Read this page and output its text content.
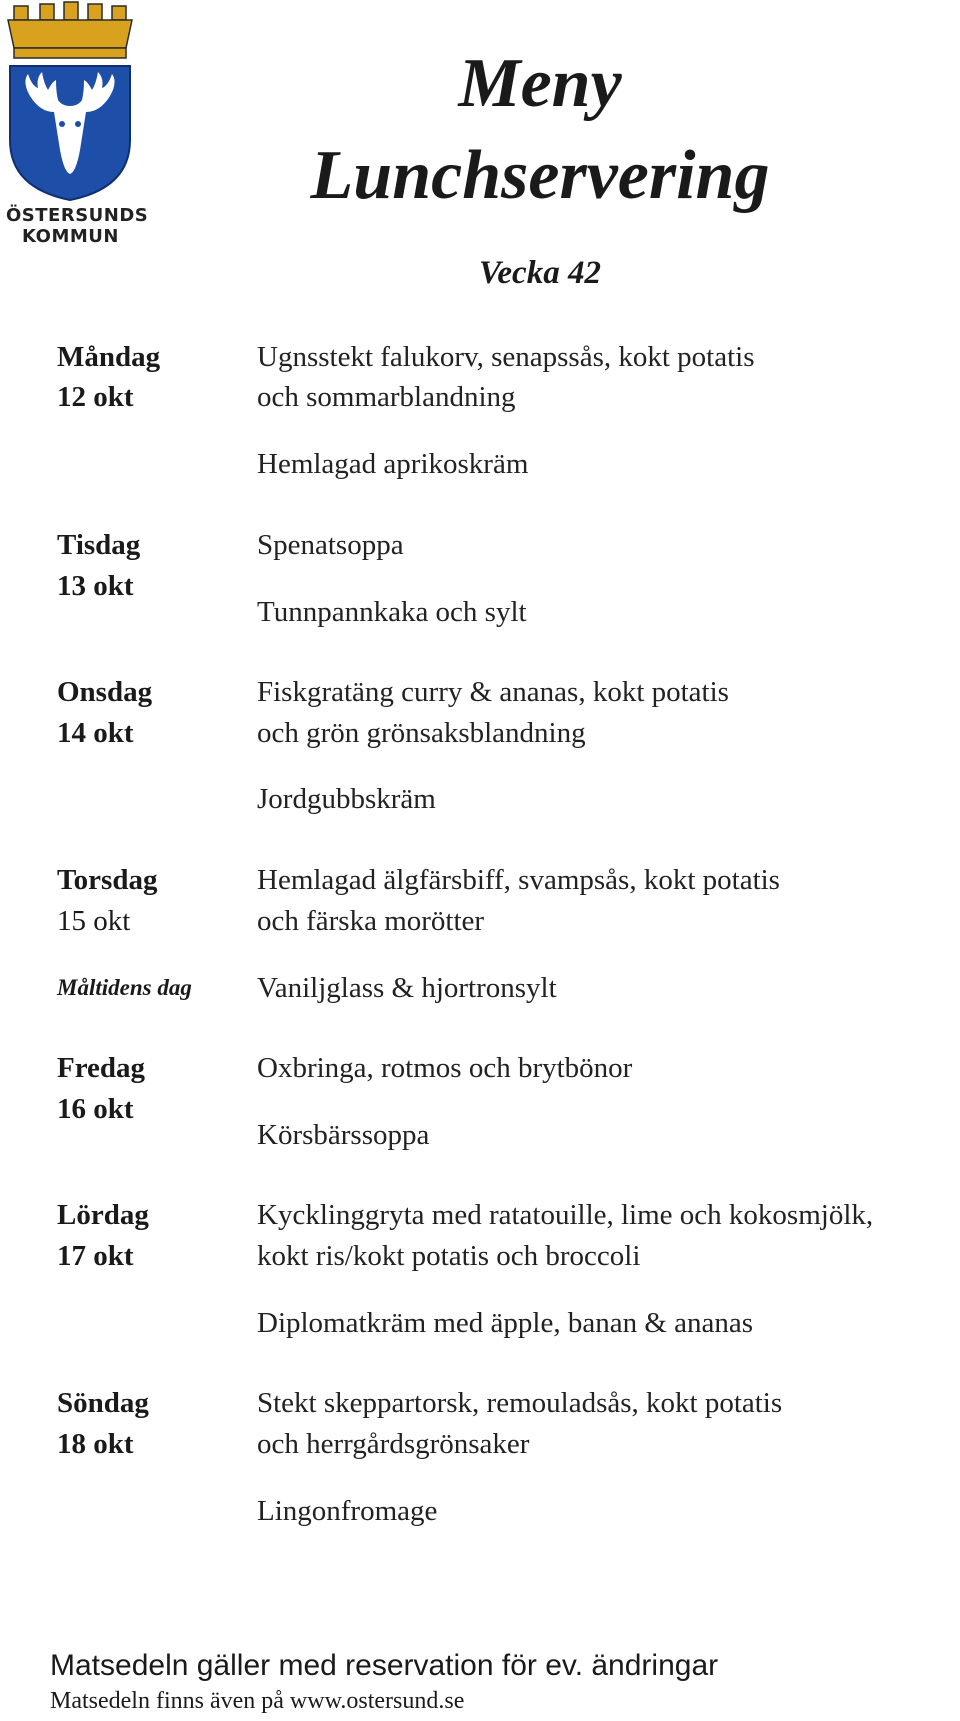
ÖSTERSUNDS
KOMMUN
Meny
Lunchservering
Vecka 42
Måndag
12 okt
Ugnsstekt falukorv, senapssås, kokt potatis
och sommarblandning
Hemlagad aprikoskräm
Tisdag
13 okt
Spenatsoppa
Tunnpannkaka och sylt
Onsdag
14 okt
Fiskgratäng curry & ananas, kokt potatis
och grön grönsaksblandning
Jordgubbskräm
Torsdag
15 okt
Måltidens dag
Hemlagad älgfärsbiff, svampsås, kokt potatis
och färska morötter
Vaniljglass & hjortronsylt
Fredag
16 okt
Oxbringa, rotmos och brytbönor
Körsbärssoppa
Lördag
17 okt
Kycklinggryta med ratatouille, lime och kokosmjölk,
kokt ris/kokt potatis och broccoli
Diplomatkräm med äpple, banan & ananas
Söndag
18 okt
Stekt skeppartorsk, remouladsås, kokt potatis
och herrgårdsgrönsaker
Lingonfromage
Matsedeln gäller med reservation för ev. ändringar
Matsedeln finns även på www.ostersund.se
